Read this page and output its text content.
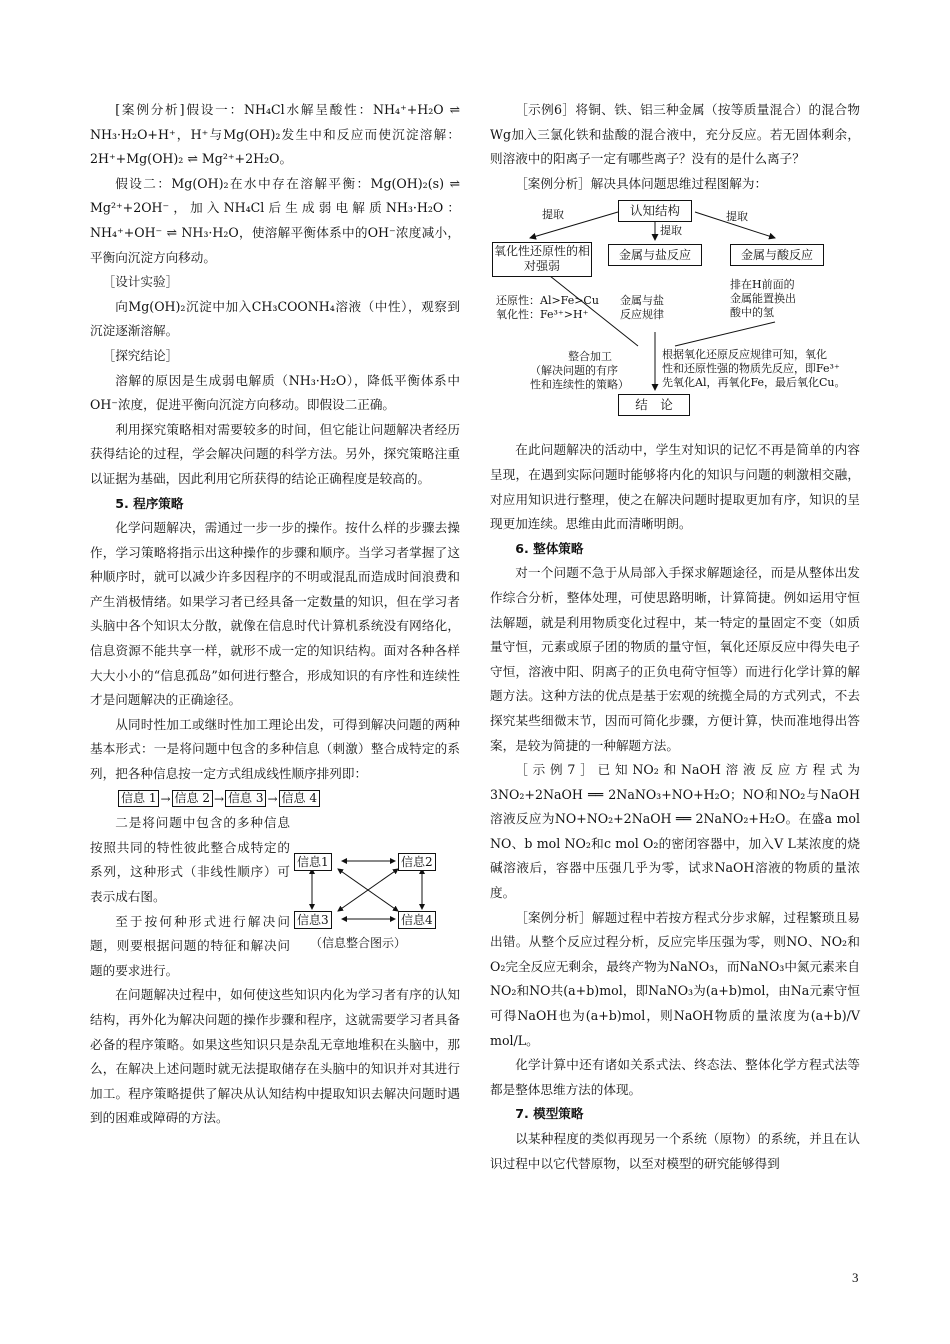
[案例分析]假设一：NH₄Cl水解呈酸性：NH₄⁺+H₂O ⇌ NH₃·H₂O+H⁺，H⁺与Mg(OH)₂发生中和反应而使沉淀溶解：2H⁺+Mg(OH)₂ ⇌ Mg²⁺+2H₂O。

假设二：Mg(OH)₂在水中存在溶解平衡：Mg(OH)₂(s) ⇌ Mg²⁺+2OH⁻，加入NH₄Cl后生成弱电解质NH₃·H₂O：NH₄⁺+OH⁻ ⇌ NH₃·H₂O，使溶解平衡体系中的OH⁻浓度减小，平衡向沉淀方向移动。

［设计实验］

向Mg(OH)₂沉淀中加入CH₃COONH₄溶液（中性），观察到沉淀逐渐溶解。

［探究结论］

溶解的原因是生成弱电解质（NH₃·H₂O），降低平衡体系中OH⁻浓度，促进平衡向沉淀方向移动。即假设二正确。

利用探究策略相对需要较多的时间，但它能让问题解决者经历获得结论的过程，学会解决问题的科学方法。另外，探究策略注重以证据为基础，因此利用它所获得的结论正确程度是较高的。

5. 程序策略

化学问题解决，需通过一步一步的操作。按什么样的步骤去操作，学习策略将指示出这种操作的步骤和顺序。当学习者掌握了这种顺序时，就可以减少许多因程序的不明或混乱而造成时间浪费和产生消极情绪。如果学习者已经具备一定数量的知识，但在学习者头脑中各个知识太分散，就像在信息时代计算机系统没有网络化，信息资源不能共享一样，就形不成一定的知识结构。面对各种各样大大小小的“信息孤岛”如何进行整合，形成知识的有序性和连续性才是问题解决的正确途径。

从同时性加工或继时性加工理论出发，可得到解决问题的两种基本形式：一是将问题中包含的多种信息（刺激）整合成特定的系列，把各种信息按一定方式组成线性顺序排列即：

信息 1 → 信息 2 → 信息 3 → 信息 4

二是将问题中包含的多种信息按照共同的特性彼此整合成特定的系列，这种形式（非线性顺序）可表示成右图。

至于按何种形式进行解决问题，则要根据问题的特征和解决问题的要求进行。

信息1	信息2
信息3	信息4
（信息整合图示）

在问题解决过程中，如何使这些知识内化为学习者有序的认知结构，再外化为解决问题的操作步骤和程序，这就需要学习者具备必备的程序策略。如果这些知识只是杂乱无章地堆积在头脑中，那么，在解决上述问题时就无法提取储存在头脑中的知识并对其进行加工。程序策略提供了解决从认知结构中提取知识去解决问题时遇到的困难或障碍的方法。

［示例6］将铜、铁、铝三种金属（按等质量混合）的混合物Wg加入三氯化铁和盐酸的混合液中，充分反应。若无固体剩余，则溶液中的阳离子一定有哪些离子？没有的是什么离子？

［案例分析］解决具体问题思维过程图解为：

认知结构
提取
提取
提取
氧化性还原性的相对强弱
金属与盐反应	金属与酸反应
还原性：Al>Fe>Cu
氧化性：Fe³⁺>H⁺
金属与盐
反应规律
排在H前面的
金属能置换出
酸中的氢
整合加工
（解决问题的有序
性和连续性的策略）
根据氧化还原反应规律可知，氧化
性和还原性强的物质先反应，即Fe³⁺
先氧化Al，再氧化Fe，最后氧化Cu。
结　论

在此问题解决的活动中，学生对知识的记忆不再是简单的内容呈现，在遇到实际问题时能够将内化的知识与问题的刺激相交融，对应用知识进行整理，使之在解决问题时提取更加有序，知识的呈现更加连续。思维由此而清晰明朗。

6. 整体策略

对一个问题不急于从局部入手探求解题途径，而是从整体出发作综合分析，整体处理，可使思路明晰，计算简捷。例如运用守恒法解题，就是利用物质变化过程中，某一特定的量固定不变（如质量守恒，元素或原子团的物质的量守恒，氧化还原反应中得失电子守恒，溶液中阳、阴离子的正负电荷守恒等）而进行化学计算的解题方法。这种方法的优点是基于宏观的统揽全局的方式列式，不去探究某些细微末节，因而可简化步骤，方便计算，快而准地得出答案，是较为简捷的一种解题方法。

［示例7］已知NO₂和NaOH溶液反应方程式为3NO₂+2NaOH ══ 2NaNO₃+NO+H₂O；NO和NO₂与NaOH溶液反应为NO+NO₂+2NaOH ══ 2NaNO₂+H₂O。在盛a mol NO、b mol NO₂和c mol O₂的密闭容器中，加入V L某浓度的烧碱溶液后，容器中压强几乎为零，试求NaOH溶液的物质的量浓度。

［案例分析］解题过程中若按方程式分步求解，过程繁琐且易出错。从整个反应过程分析，反应完毕压强为零，则NO、NO₂和O₂完全反应无剩余，最终产物为NaNO₃，而NaNO₃中氮元素来自NO₂和NO共(a+b)mol，即NaNO₃为(a+b)mol，由Na元素守恒可得NaOH也为(a+b)mol，则NaOH物质的量浓度为(a+b)/V mol/L。

化学计算中还有诸如关系式法、终态法、整体化学方程式法等都是整体思维方法的体现。

7. 模型策略

以某种程度的类似再现另一个系统（原物）的系统，并且在认识过程中以它代替原物，以至对模型的研究能够得到

3
